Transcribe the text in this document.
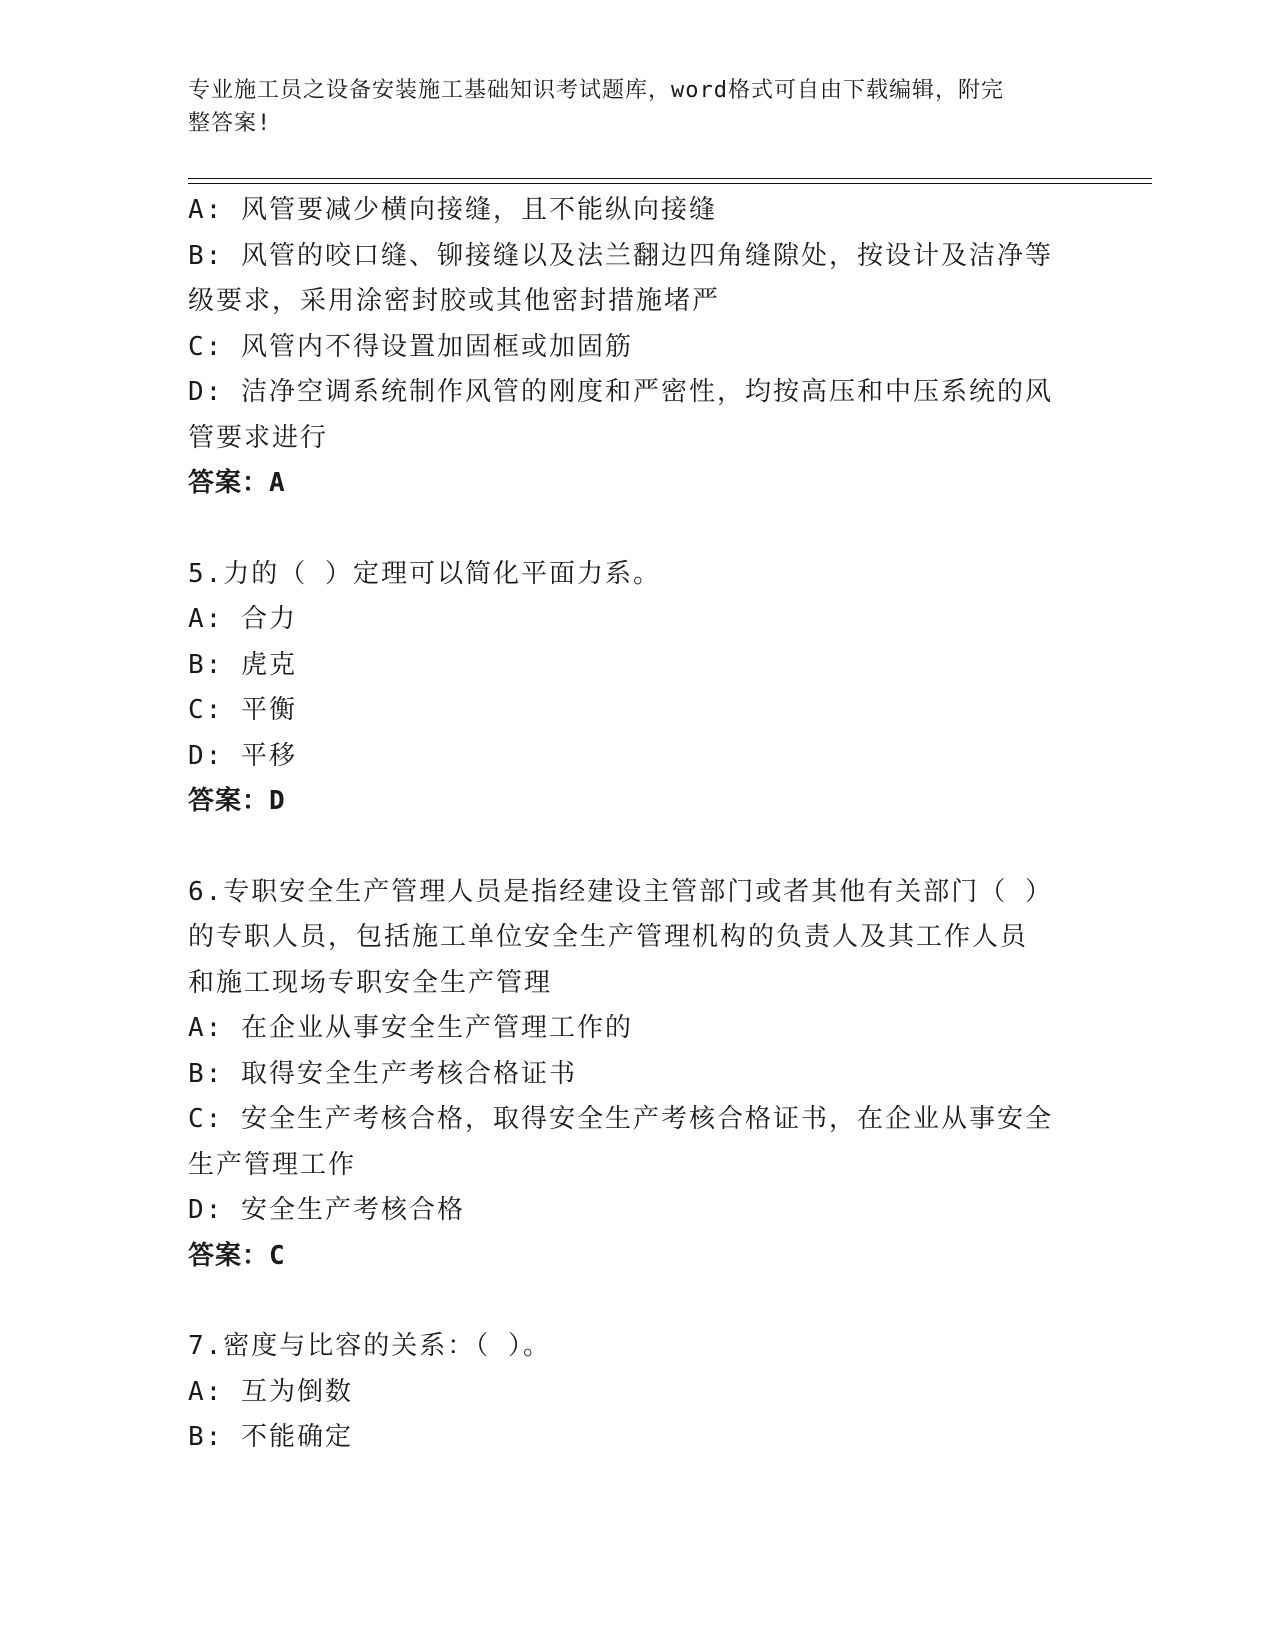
专业施工员之设备安装施工基础知识考试题库，word格式可自由下载编辑，附完
整答案!
A: 风管要减少横向接缝，且不能纵向接缝
B: 风管的咬口缝、铆接缝以及法兰翻边四角缝隙处，按设计及洁净等
级要求，采用涂密封胶或其他密封措施堵严
C: 风管内不得设置加固框或加固筋
D: 洁净空调系统制作风管的刚度和严密性，均按高压和中压系统的风
管要求进行
答案：A
5.力的（ ）定理可以简化平面力系。
A: 合力
B: 虎克
C: 平衡
D: 平移
答案：D
6.专职安全生产管理人员是指经建设主管部门或者其他有关部门（ ）
的专职人员，包括施工单位安全生产管理机构的负责人及其工作人员
和施工现场专职安全生产管理
A: 在企业从事安全生产管理工作的
B: 取得安全生产考核合格证书
C: 安全生产考核合格，取得安全生产考核合格证书，在企业从事安全
生产管理工作
D: 安全生产考核合格
答案：C
7.密度与比容的关系：（ ）。
A: 互为倒数
B: 不能确定
